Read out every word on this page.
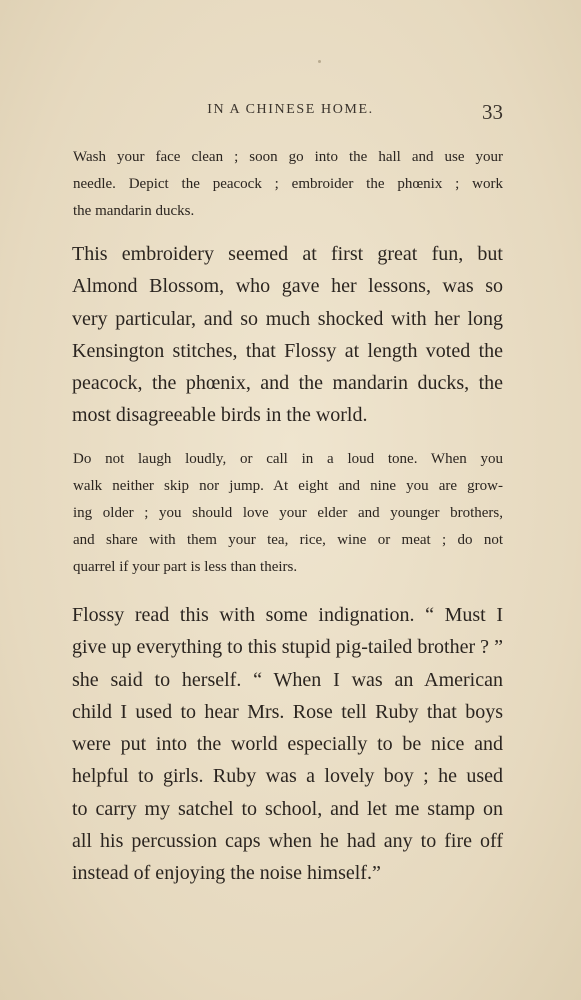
IN A CHINESE HOME.	33
Wash your face clean ; soon go into the hall and use your
needle. Depict the peacock ; embroider the phœnix ; work
the mandarin ducks.
This embroidery seemed at first great fun, but
Almond Blossom, who gave her lessons, was so
very particular, and so much shocked with her long
Kensington stitches, that Flossy at length voted the
peacock, the phœnix, and the mandarin ducks, the
most disagreeable birds in the world.
Do not laugh loudly, or call in a loud tone. When you
walk neither skip nor jump. At eight and nine you are grow-
ing older ; you should love your elder and younger brothers,
and share with them your tea, rice, wine or meat ; do not
quarrel if your part is less than theirs.
Flossy read this with some indignation. “ Must I
give up everything to this stupid pig-tailed brother ? ”
she said to herself. “ When I was an American
child I used to hear Mrs. Rose tell Ruby that boys
were put into the world especially to be nice and
helpful to girls. Ruby was a lovely boy ; he used
to carry my satchel to school, and let me stamp on
all his percussion caps when he had any to fire off
instead of enjoying the noise himself.”
